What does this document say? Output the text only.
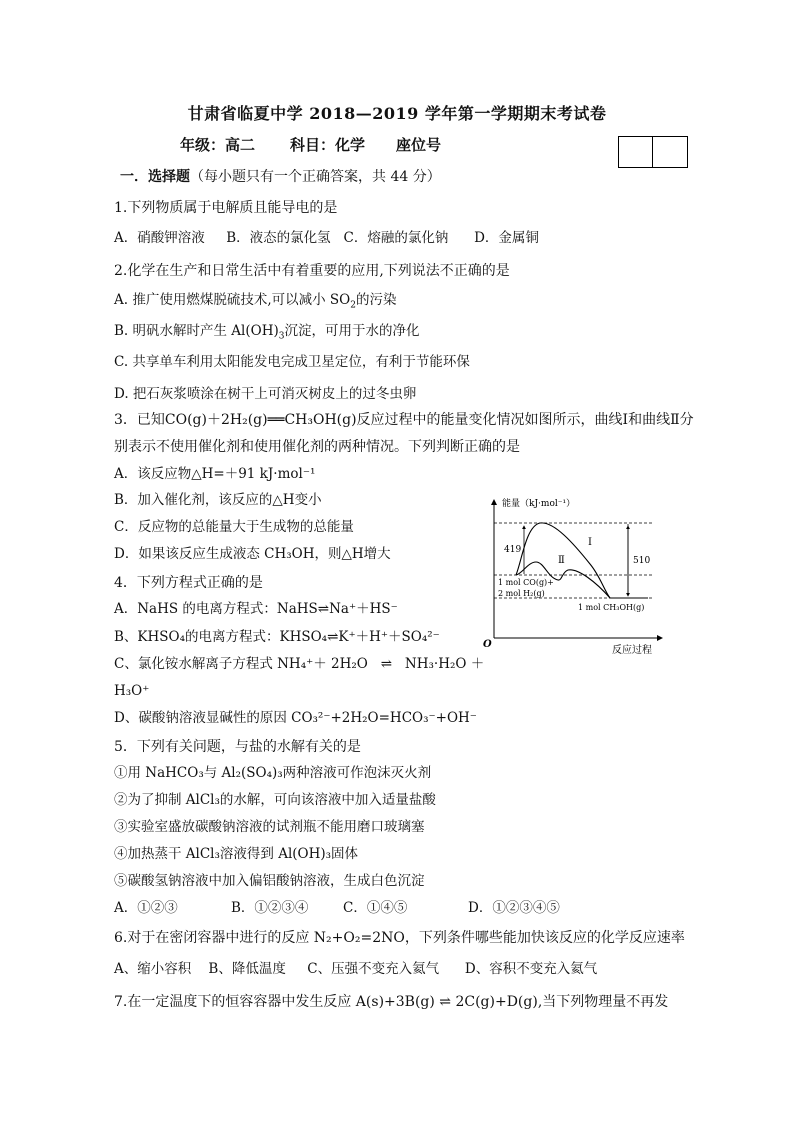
甘肃省临夏中学 2018—2019 学年第一学期期末考试卷
年级：高二 科目：化学 座位号
一．选择题（每小题只有一个正确答案，共 44 分）
1.下列物质属于电解质且能导电的是
A．硝酸钾溶液     B．液态的氯化氢   C．熔融的氯化钠      D．金属铜
2.化学在生产和日常生活中有着重要的应用,下列说法不正确的是
A. 推广使用燃煤脱硫技术,可以减小 $SO_2$的污染
B. 明矾水解时产生 $Al(OH)_3$沉淀，可用于水的净化
C. 共享单车利用太阳能发电完成卫星定位，有利于节能环保
D. 把石灰浆喷涂在树干上可消灭树皮上的过冬虫卵
3．已知CO(g)＋2H₂(g)══CH₃OH(g)反应过程中的能量变化情况如图所示，曲线Ⅰ和曲线Ⅱ分
别表示不使用催化剂和使用催化剂的两种情况。下列判断正确的是
A．该反应物△H=＋91 kJ·mol⁻¹
B．加入催化剂，该反应的△H变小
C．反应物的总能量大于生成物的总能量
D．如果该反应生成液态 CH₃OH，则△H增大
能量（kJ·mol⁻¹）
O
反应过程
Ⅰ
Ⅱ
419
510
1 mol CO(g)+
2 mol H₂(g)
1 mol CH₃OH(g)
4．下列方程式正确的是
A．NaHS 的电离方程式：NaHS⇌Na⁺＋HS⁻
B、KHSO₄的电离方程式：KHSO₄⇌K⁺＋H⁺＋SO₄²⁻
C、氯化铵水解离子方程式 NH₄⁺＋ 2H₂O   ⇌   NH₃·H₂O ＋
H₃O⁺
D、碳酸钠溶液显碱性的原因 CO₃²⁻+2H₂O=HCO₃⁻+OH⁻
5．下列有关问题，与盐的水解有关的是
①用 NaHCO₃与 Al₂(SO₄)₃两种溶液可作泡沫灭火剂
②为了抑制 AlCl₃的水解，可向该溶液中加入适量盐酸
③实验室盛放碳酸钠溶液的试剂瓶不能用磨口玻璃塞
④加热蒸干 AlCl₃溶液得到 Al(OH)₃固体
⑤碳酸氢钠溶液中加入偏铝酸钠溶液，生成白色沉淀
A．①②③	B．①②③④	C．①④⑤	D．①②③④⑤
6.对于在密闭容器中进行的反应 N₂+O₂=2NO，下列条件哪些能加快该反应的化学反应速率
A、缩小容积    B、降低温度     C、压强不变充入氦气      D、容积不变充入氦气
7.在一定温度下的恒容容器中发生反应 A(s)+3B(g) ⇌ 2C(g)+D(g),当下列物理量不再发
